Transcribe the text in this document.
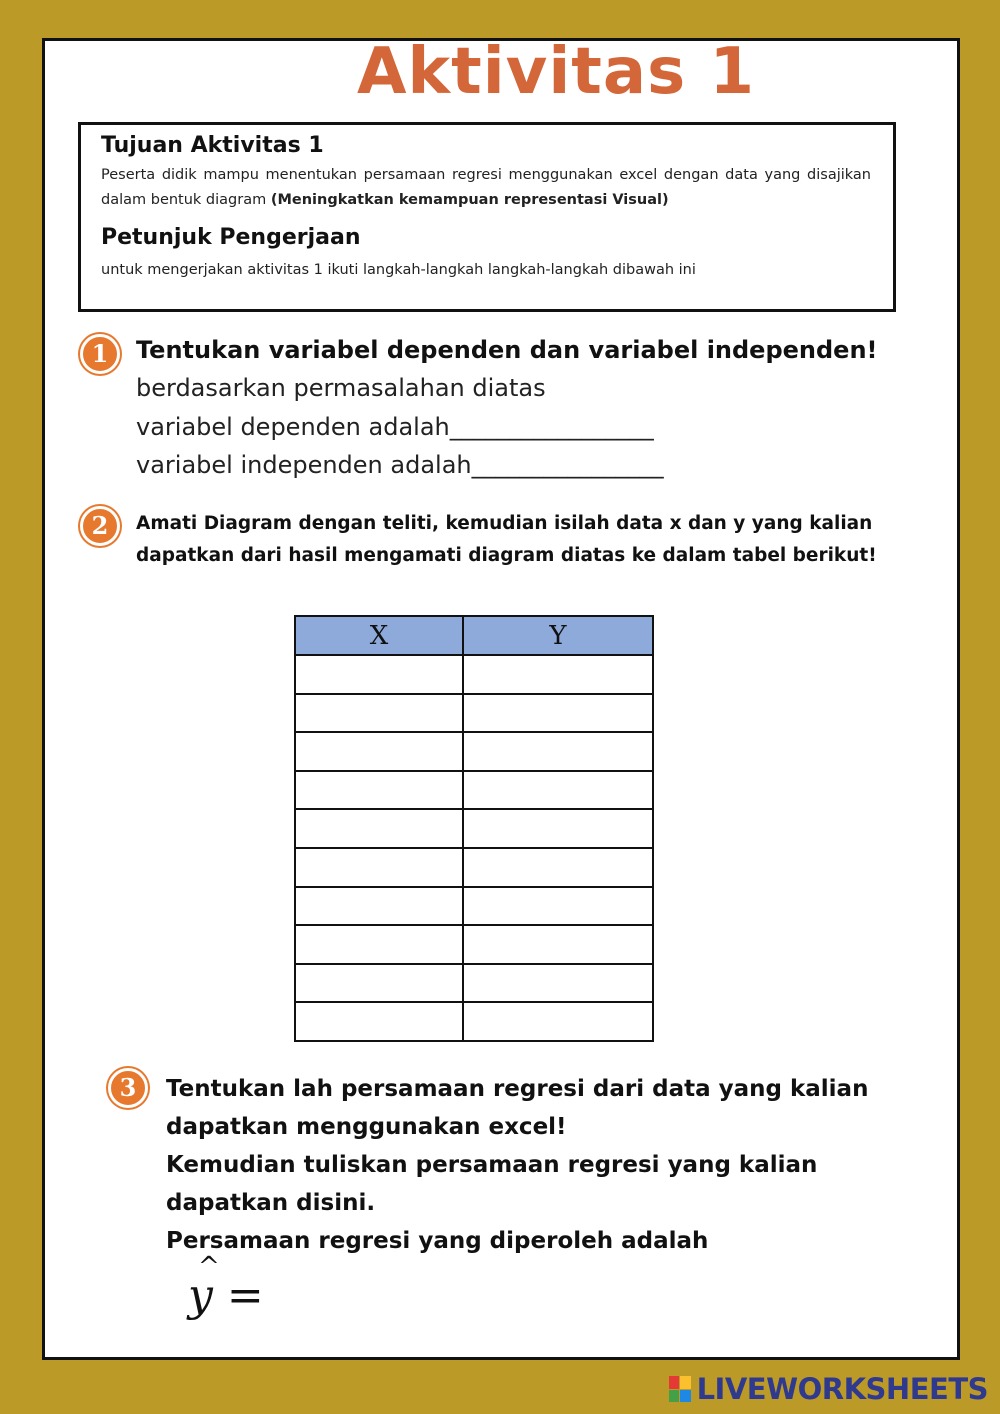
Aktivitas 1
Tujuan Aktivitas 1

Peserta didik mampu menentukan persamaan regresi menggunakan excel dengan data yang disajikan dalam bentuk diagram (Meningkatkan kemampuan representasi Visual)

Petunjuk Pengerjaan

untuk mengerjakan aktivitas 1 ikuti langkah-langkah langkah-langkah dibawah ini

1	Tentukan variabel dependen dan variabel independen!
berdasarkan permasalahan diatas
variabel dependen adalah_________________
variabel independen adalah________________
2	Amati Diagram dengan teliti, kemudian isilah data x dan y yang kalian dapatkan dari hasil mengamati diagram diatas ke dalam tabel berikut!
X	Y

3	Tentukan lah persamaan regresi dari data yang kalian
dapatkan menggunakan excel!
Kemudian tuliskan persamaan regresi yang kalian
dapatkan disini.
Persamaan regresi yang diperoleh adalah
^ y =
LIVEWORKSHEETS
